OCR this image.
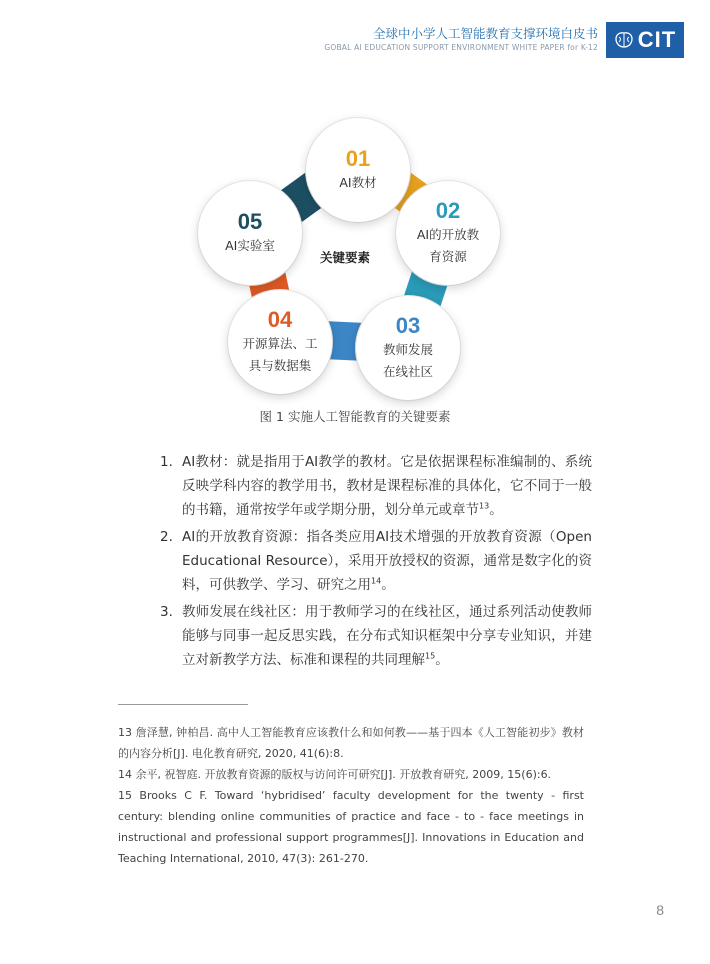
全球中小学人工智能教育支撑环境白皮书
GOBAL AI EDUCATION SUPPORT ENVIRONMENT WHITE PAPER for K-12 CIT
01
AI教材
02
AI的开放教
育资源
03
教师发展
在线社区
04
开源算法、工
具与数据集
05
AI实验室
关键要素
图 1 实施人工智能教育的关键要素
1. AI教材：就是指用于AI教学的教材。它是依据课程标准编制的、系统反映学科内容的教学用书，教材是课程标准的具体化，它不同于一般的书籍，通常按学年或学期分册，划分单元或章节$^{13}$。
2. AI的开放教育资源：指各类应用AI技术增强的开放教育资源（Open Educational Resource），采用开放授权的资源，通常是数字化的资料，可供教学、学习、研究之用$^{14}$。
3. 教师发展在线社区：用于教师学习的在线社区，通过系列活动使教师能够与同事一起反思实践，在分布式知识框架中分享专业知识，并建立对新教学方法、标准和课程的共同理解$^{15}$。

13 詹泽慧, 钟柏昌. 高中人工智能教育应该教什么和如何教——基于四本《人工智能初步》教材的内容分析[J]. 电化教育研究, 2020, 41(6):8.

14 余平, 祝智庭. 开放教育资源的版权与访问许可研究[J]. 开放教育研究, 2009, 15(6):6.

15 Brooks C F. Toward ‘hybridised’ faculty development for the twenty - first century: blending online communities of practice and face - to - face meetings in instructional and professional support programmes[J]. Innovations in Education and Teaching International, 2010, 47(3): 261-270.

8
